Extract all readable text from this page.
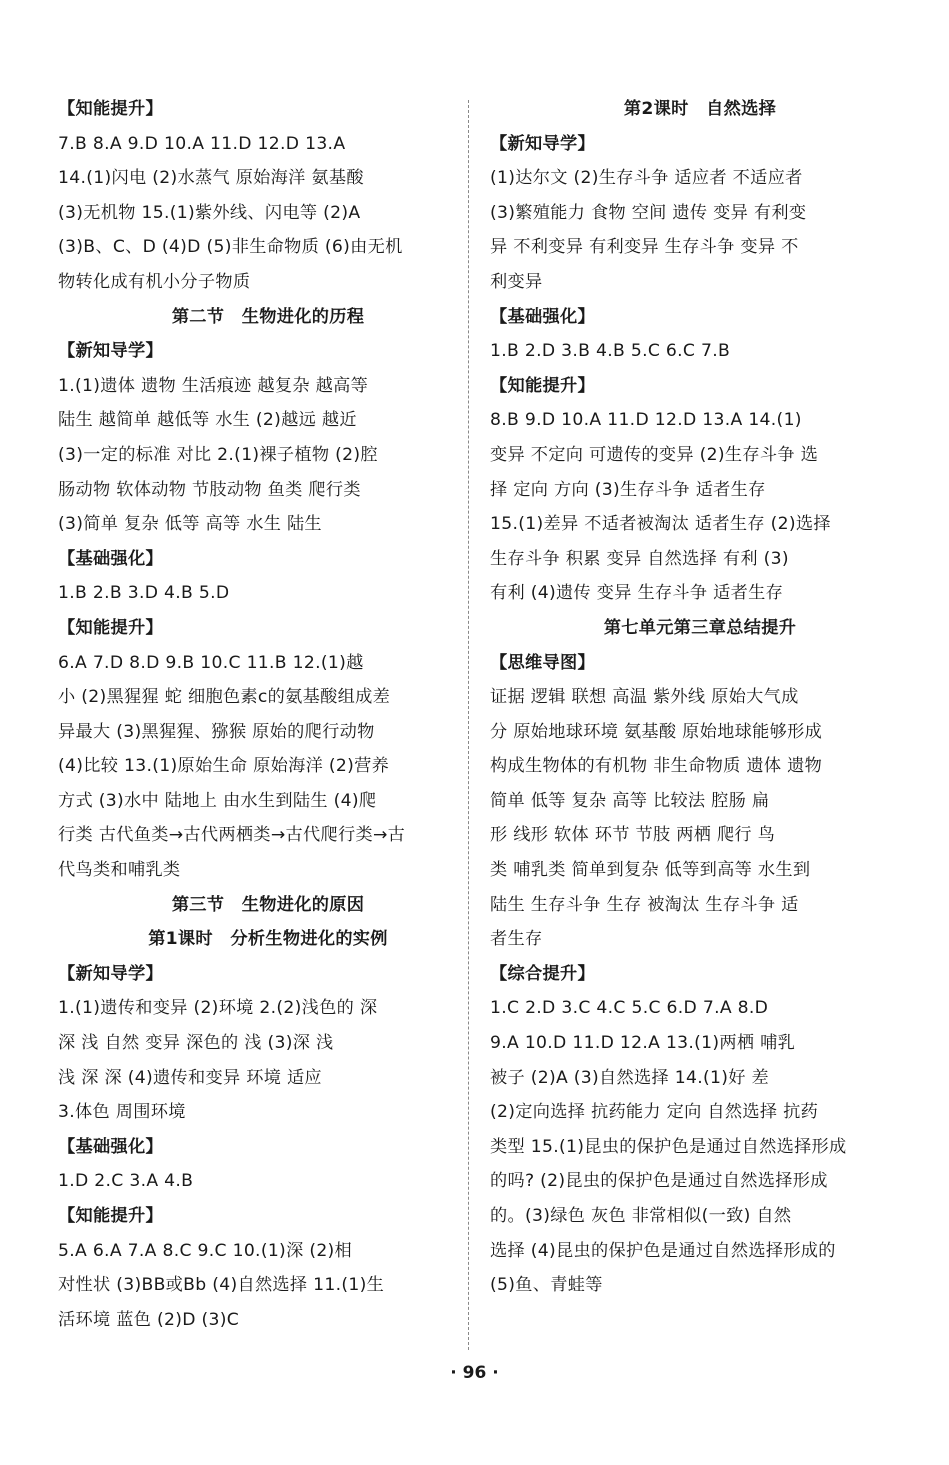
【知能提升】
7.B 8.A 9.D 10.A 11.D 12.D 13.A
14.(1)闪电 (2)水蒸气 原始海洋 氨基酸
(3)无机物 15.(1)紫外线、闪电等 (2)A
(3)B、C、D (4)D (5)非生命物质 (6)由无机
物转化成有机小分子物质
第二节　生物进化的历程
【新知导学】
1.(1)遗体 遗物 生活痕迹 越复杂 越高等
陆生 越简单 越低等 水生 (2)越远 越近
(3)一定的标准 对比 2.(1)裸子植物 (2)腔
肠动物 软体动物 节肢动物 鱼类 爬行类
(3)简单 复杂 低等 高等 水生 陆生
【基础强化】
1.B 2.B 3.D 4.B 5.D
【知能提升】
6.A 7.D 8.D 9.B 10.C 11.B 12.(1)越
小 (2)黑猩猩 蛇 细胞色素c的氨基酸组成差
异最大 (3)黑猩猩、猕猴 原始的爬行动物
(4)比较 13.(1)原始生命 原始海洋 (2)营养
方式 (3)水中 陆地上 由水生到陆生 (4)爬
行类 古代鱼类→古代两栖类→古代爬行类→古
代鸟类和哺乳类
第三节　生物进化的原因
第1课时　分析生物进化的实例
【新知导学】
1.(1)遗传和变异 (2)环境 2.(2)浅色的 深
深 浅 自然 变异 深色的 浅 (3)深 浅
浅 深 深 (4)遗传和变异 环境 适应
3.体色 周围环境
【基础强化】
1.D 2.C 3.A 4.B
【知能提升】
5.A 6.A 7.A 8.C 9.C 10.(1)深 (2)相
对性状 (3)BB或Bb (4)自然选择 11.(1)生
活环境 蓝色 (2)D (3)C
第2课时　自然选择
【新知导学】
(1)达尔文 (2)生存斗争 适应者 不适应者
(3)繁殖能力 食物 空间 遗传 变异 有利变
异 不利变异 有利变异 生存斗争 变异 不
利变异
【基础强化】
1.B 2.D 3.B 4.B 5.C 6.C 7.B
【知能提升】
8.B 9.D 10.A 11.D 12.D 13.A 14.(1)
变异 不定向 可遗传的变异 (2)生存斗争 选
择 定向 方向 (3)生存斗争 适者生存
15.(1)差异 不适者被淘汰 适者生存 (2)选择
生存斗争 积累 变异 自然选择 有利 (3)
有利 (4)遗传 变异 生存斗争 适者生存
第七单元第三章总结提升
【思维导图】
证据 逻辑 联想 高温 紫外线 原始大气成
分 原始地球环境 氨基酸 原始地球能够形成
构成生物体的有机物 非生命物质 遗体 遗物
简单 低等 复杂 高等 比较法 腔肠 扁
形 线形 软体 环节 节肢 两栖 爬行 鸟
类 哺乳类 简单到复杂 低等到高等 水生到
陆生 生存斗争 生存 被淘汰 生存斗争 适
者生存
【综合提升】
1.C 2.D 3.C 4.C 5.C 6.D 7.A 8.D
9.A 10.D 11.D 12.A 13.(1)两栖 哺乳
被子 (2)A (3)自然选择 14.(1)好 差
(2)定向选择 抗药能力 定向 自然选择 抗药
类型 15.(1)昆虫的保护色是通过自然选择形成
的吗? (2)昆虫的保护色是通过自然选择形成
的。(3)绿色 灰色 非常相似(一致) 自然
选择 (4)昆虫的保护色是通过自然选择形成的
(5)鱼、青蛙等
· 96 ·
